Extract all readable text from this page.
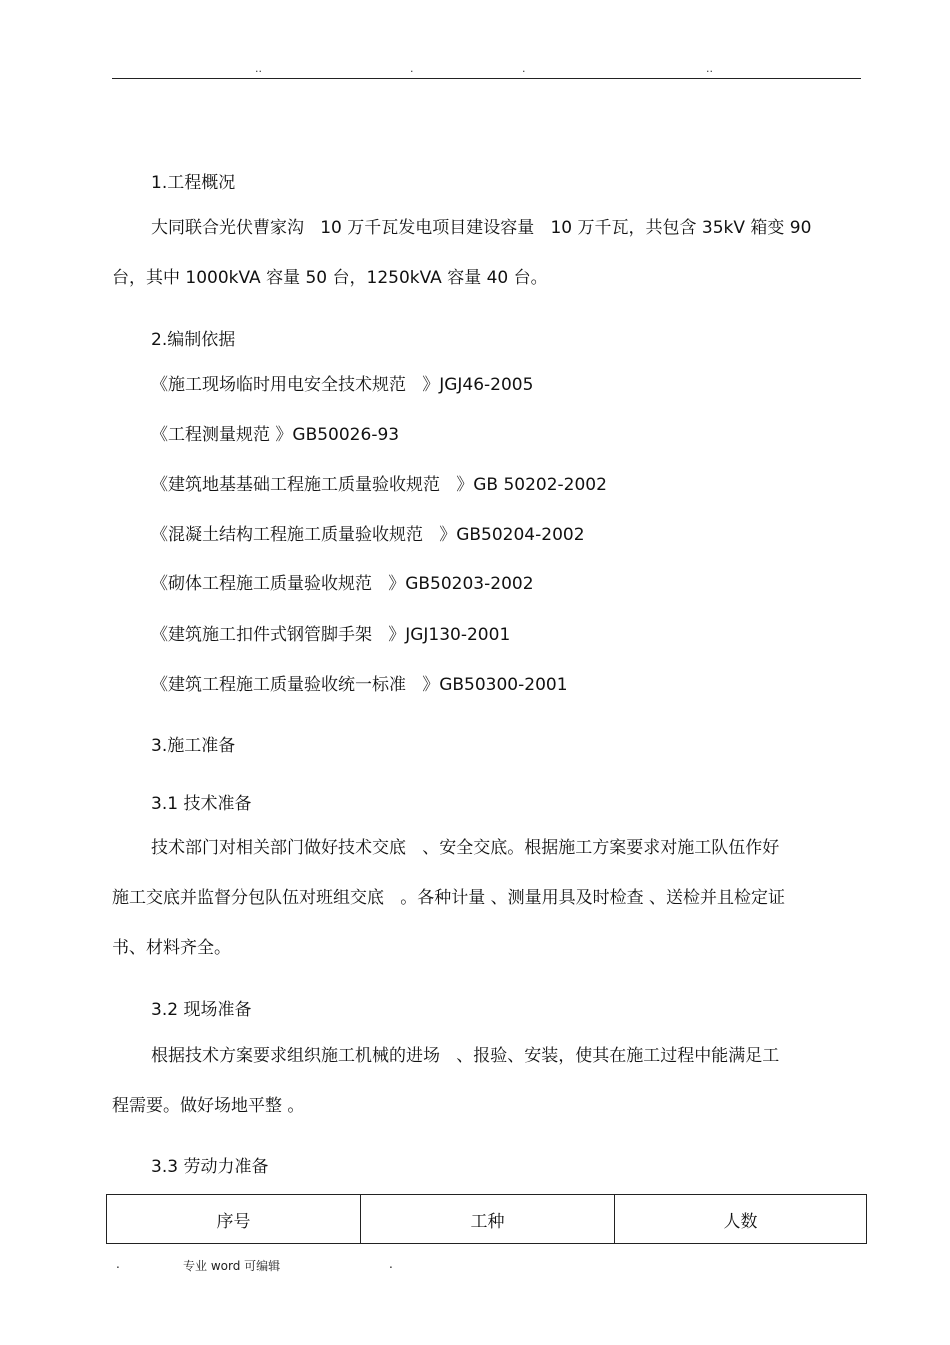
..	.	.	..
1.工程概况
大同联合光伏曹家沟   10 万千瓦发电项目建设容量   10 万千瓦，共包含 35kV 箱变 90
台，其中 1000kVA 容量 50 台，1250kVA 容量 40 台。
2.编制依据
《施工现场临时用电安全技术规范   》JGJ46-2005
《工程测量规范 》GB50026-93
《建筑地基基础工程施工质量验收规范   》GB 50202-2002
《混凝土结构工程施工质量验收规范   》GB50204-2002
《砌体工程施工质量验收规范   》GB50203-2002
《建筑施工扣件式钢管脚手架   》JGJ130-2001
《建筑工程施工质量验收统一标准   》GB50300-2001
3.施工准备
3.1 技术准备
技术部门对相关部门做好技术交底   、安全交底。根据施工方案要求对施工队伍作好
施工交底并监督分包队伍对班组交底   。各种计量 、测量用具及时检查 、送检并且检定证
书、材料齐全。
3.2 现场准备
根据技术方案要求组织施工机械的进场   、报验、安装，使其在施工过程中能满足工
程需要。做好场地平整 。
3.3 劳动力准备
序号	工种	人数
.	专业 word 可编辑	.
